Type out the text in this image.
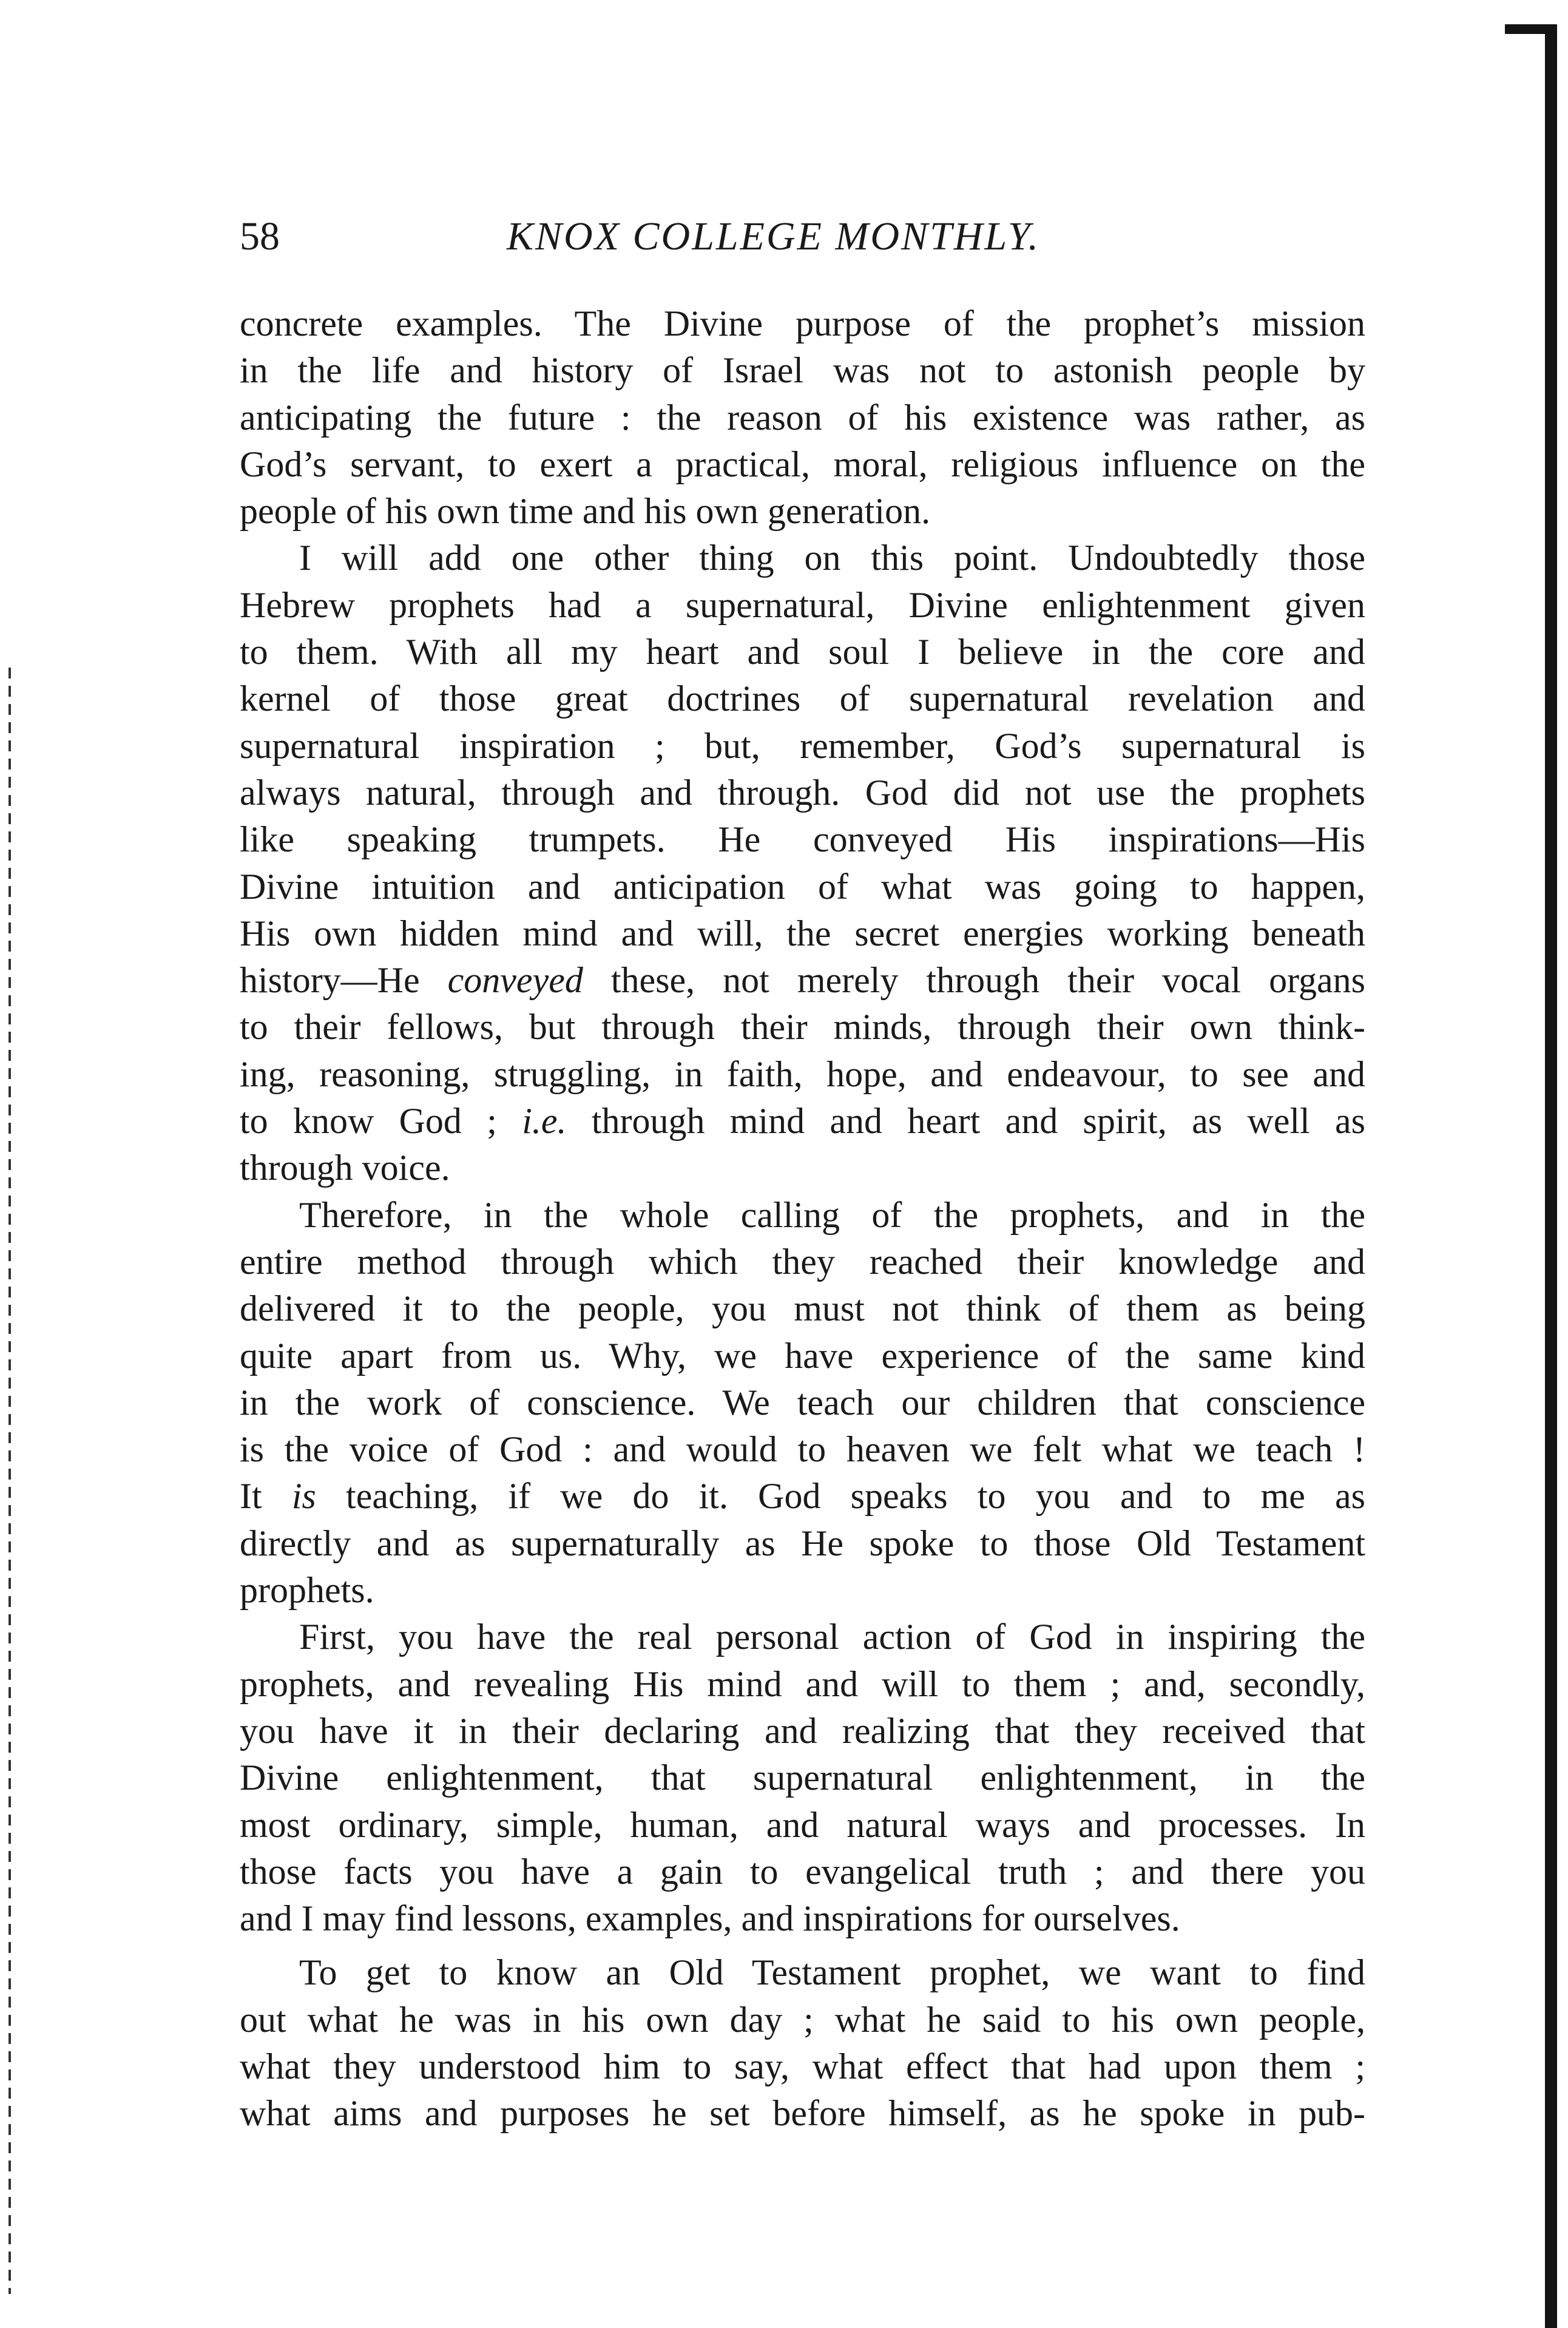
58	KNOX COLLEGE MONTHLY.

concrete examples. The Divine purpose of the prophet’s mission
in the life and history of Israel was not to astonish people by
anticipating the future : the reason of his existence was rather, as
God’s servant, to exert a practical, moral, religious influence on the
people of his own time and his own generation.

I will add one other thing on this point. Undoubtedly those
Hebrew prophets had a supernatural, Divine enlightenment given
to them. With all my heart and soul I believe in the core and
kernel of those great doctrines of supernatural revelation and
supernatural inspiration ; but, remember, God’s supernatural is
always natural, through and through. God did not use the prophets
like speaking trumpets. He conveyed His inspirations—His
Divine intuition and anticipation of what was going to happen,
His own hidden mind and will, the secret energies working beneath
history—He conveyed these, not merely through their vocal organs
to their fellows, but through their minds, through their own think-
ing, reasoning, struggling, in faith, hope, and endeavour, to see and
to know God ; i.e. through mind and heart and spirit, as well as
through voice.

Therefore, in the whole calling of the prophets, and in the
entire method through which they reached their knowledge and
delivered it to the people, you must not think of them as being
quite apart from us. Why, we have experience of the same kind
in the work of conscience. We teach our children that conscience
is the voice of God : and would to heaven we felt what we teach !
It is teaching, if we do it. God speaks to you and to me as
directly and as supernaturally as He spoke to those Old Testament
prophets.

First, you have the real personal action of God in inspiring the
prophets, and revealing His mind and will to them ; and, secondly,
you have it in their declaring and realizing that they received that
Divine enlightenment, that supernatural enlightenment, in the
most ordinary, simple, human, and natural ways and processes. In
those facts you have a gain to evangelical truth ; and there you
and I may find lessons, examples, and inspirations for ourselves.

To get to know an Old Testament prophet, we want to find
out what he was in his own day ; what he said to his own people,
what they understood him to say, what effect that had upon them ;
what aims and purposes he set before himself, as he spoke in pub-
